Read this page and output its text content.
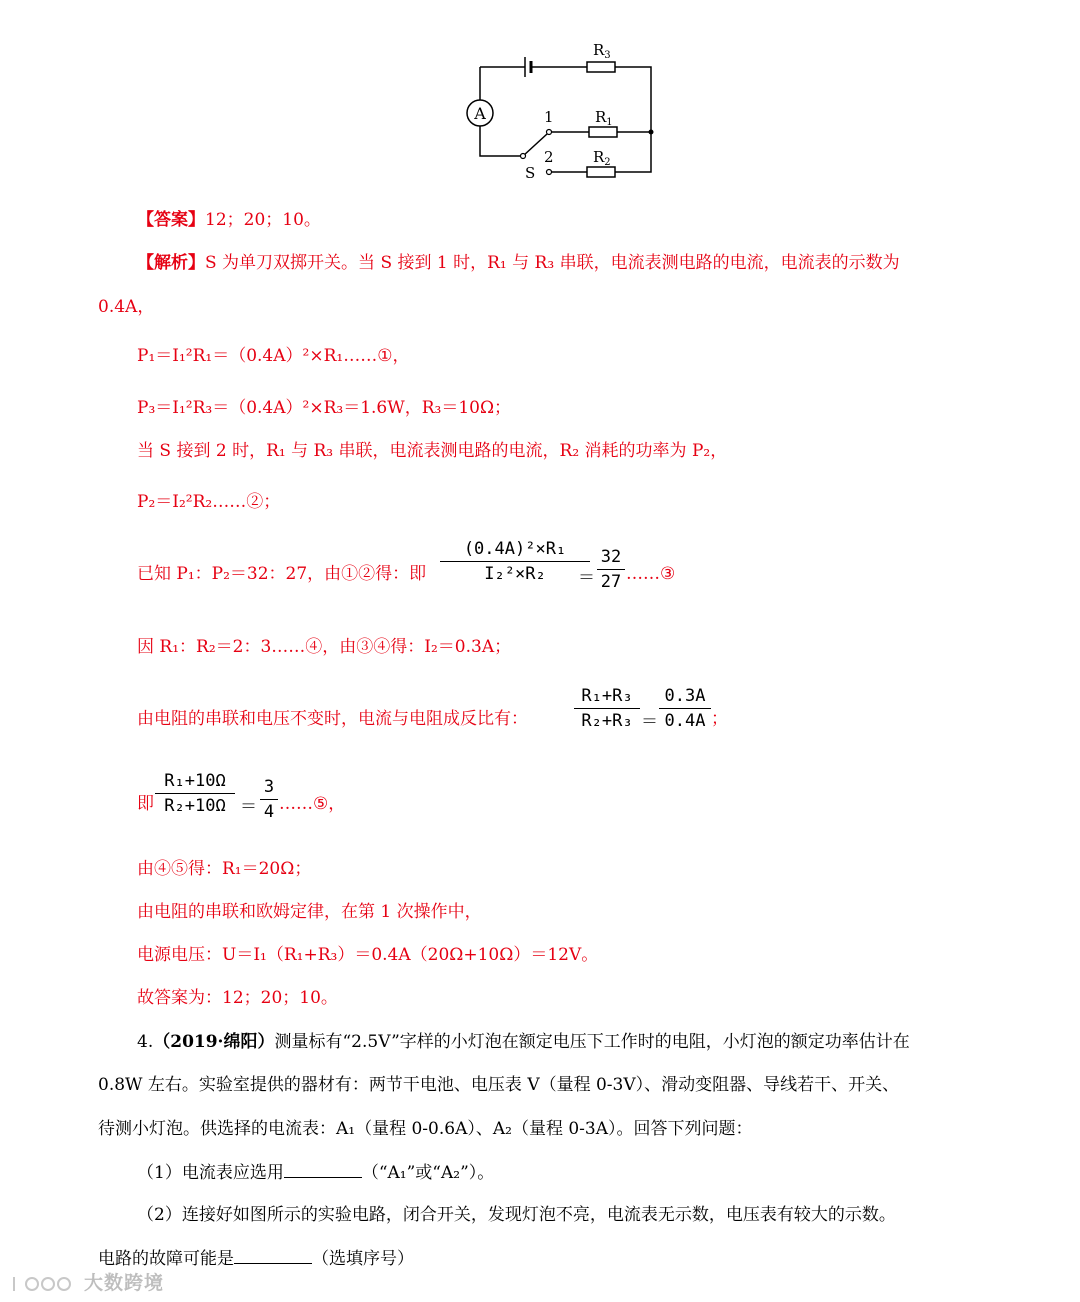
A
$R_3$
$R_1$
$R_2$
1
2
S
【答案】12；20；10。
【解析】S 为单刀双掷开关。当 S 接到 1 时，R₁ 与 R₃ 串联，电流表测电路的电流，电流表的示数为
0.4A，
P₁＝I₁²R₁＝（0.4A）²×R₁……①，
P₃＝I₁²R₃＝（0.4A）²×R₃＝1.6W，R₃＝10Ω；
当 S 接到 2 时，R₁ 与 R₃ 串联，电流表测电路的电流，R₂ 消耗的功率为 P₂，
P₂＝I₂²R₂……②；
已知 P₁：P₂＝32：27，由①②得：即
(0.4A)²×R₁
I₂²×R₂	＝
32
27 ……③
因 R₁：R₂＝2：3……④，由③④得：I₂＝0.3A；
由电阻的串联和电压不变时，电流与电阻成反比有：
R₁+R₃
R₂+R₃ ＝
0.3A
0.4A ；
即
R₁+10Ω
R₂+10Ω ＝
3
4 ……⑤，
由④⑤得：R₁＝20Ω；
由电阻的串联和欧姆定律，在第 1 次操作中，
电源电压：U＝I₁（R₁+R₃）＝0.4A（20Ω+10Ω）＝12V。
故答案为：12；20；10。
4.（2019·绵阳）测量标有“2.5V”字样的小灯泡在额定电压下工作时的电阻，小灯泡的额定功率估计在
0.8W 左右。实验室提供的器材有：两节干电池、电压表 V（量程 0-3V）、滑动变阻器、导线若干、开关、
待测小灯泡。供选择的电流表：A₁（量程 0-0.6A）、A₂（量程 0-3A）。回答下列问题：
（1）电流表应选用	（“A₁”或“A₂”）。
（2）连接好如图所示的实验电路，闭合开关，发现灯泡不亮，电流表无示数，电压表有较大的示数。
电路的故障可能是	（选填序号）
大数跨境
